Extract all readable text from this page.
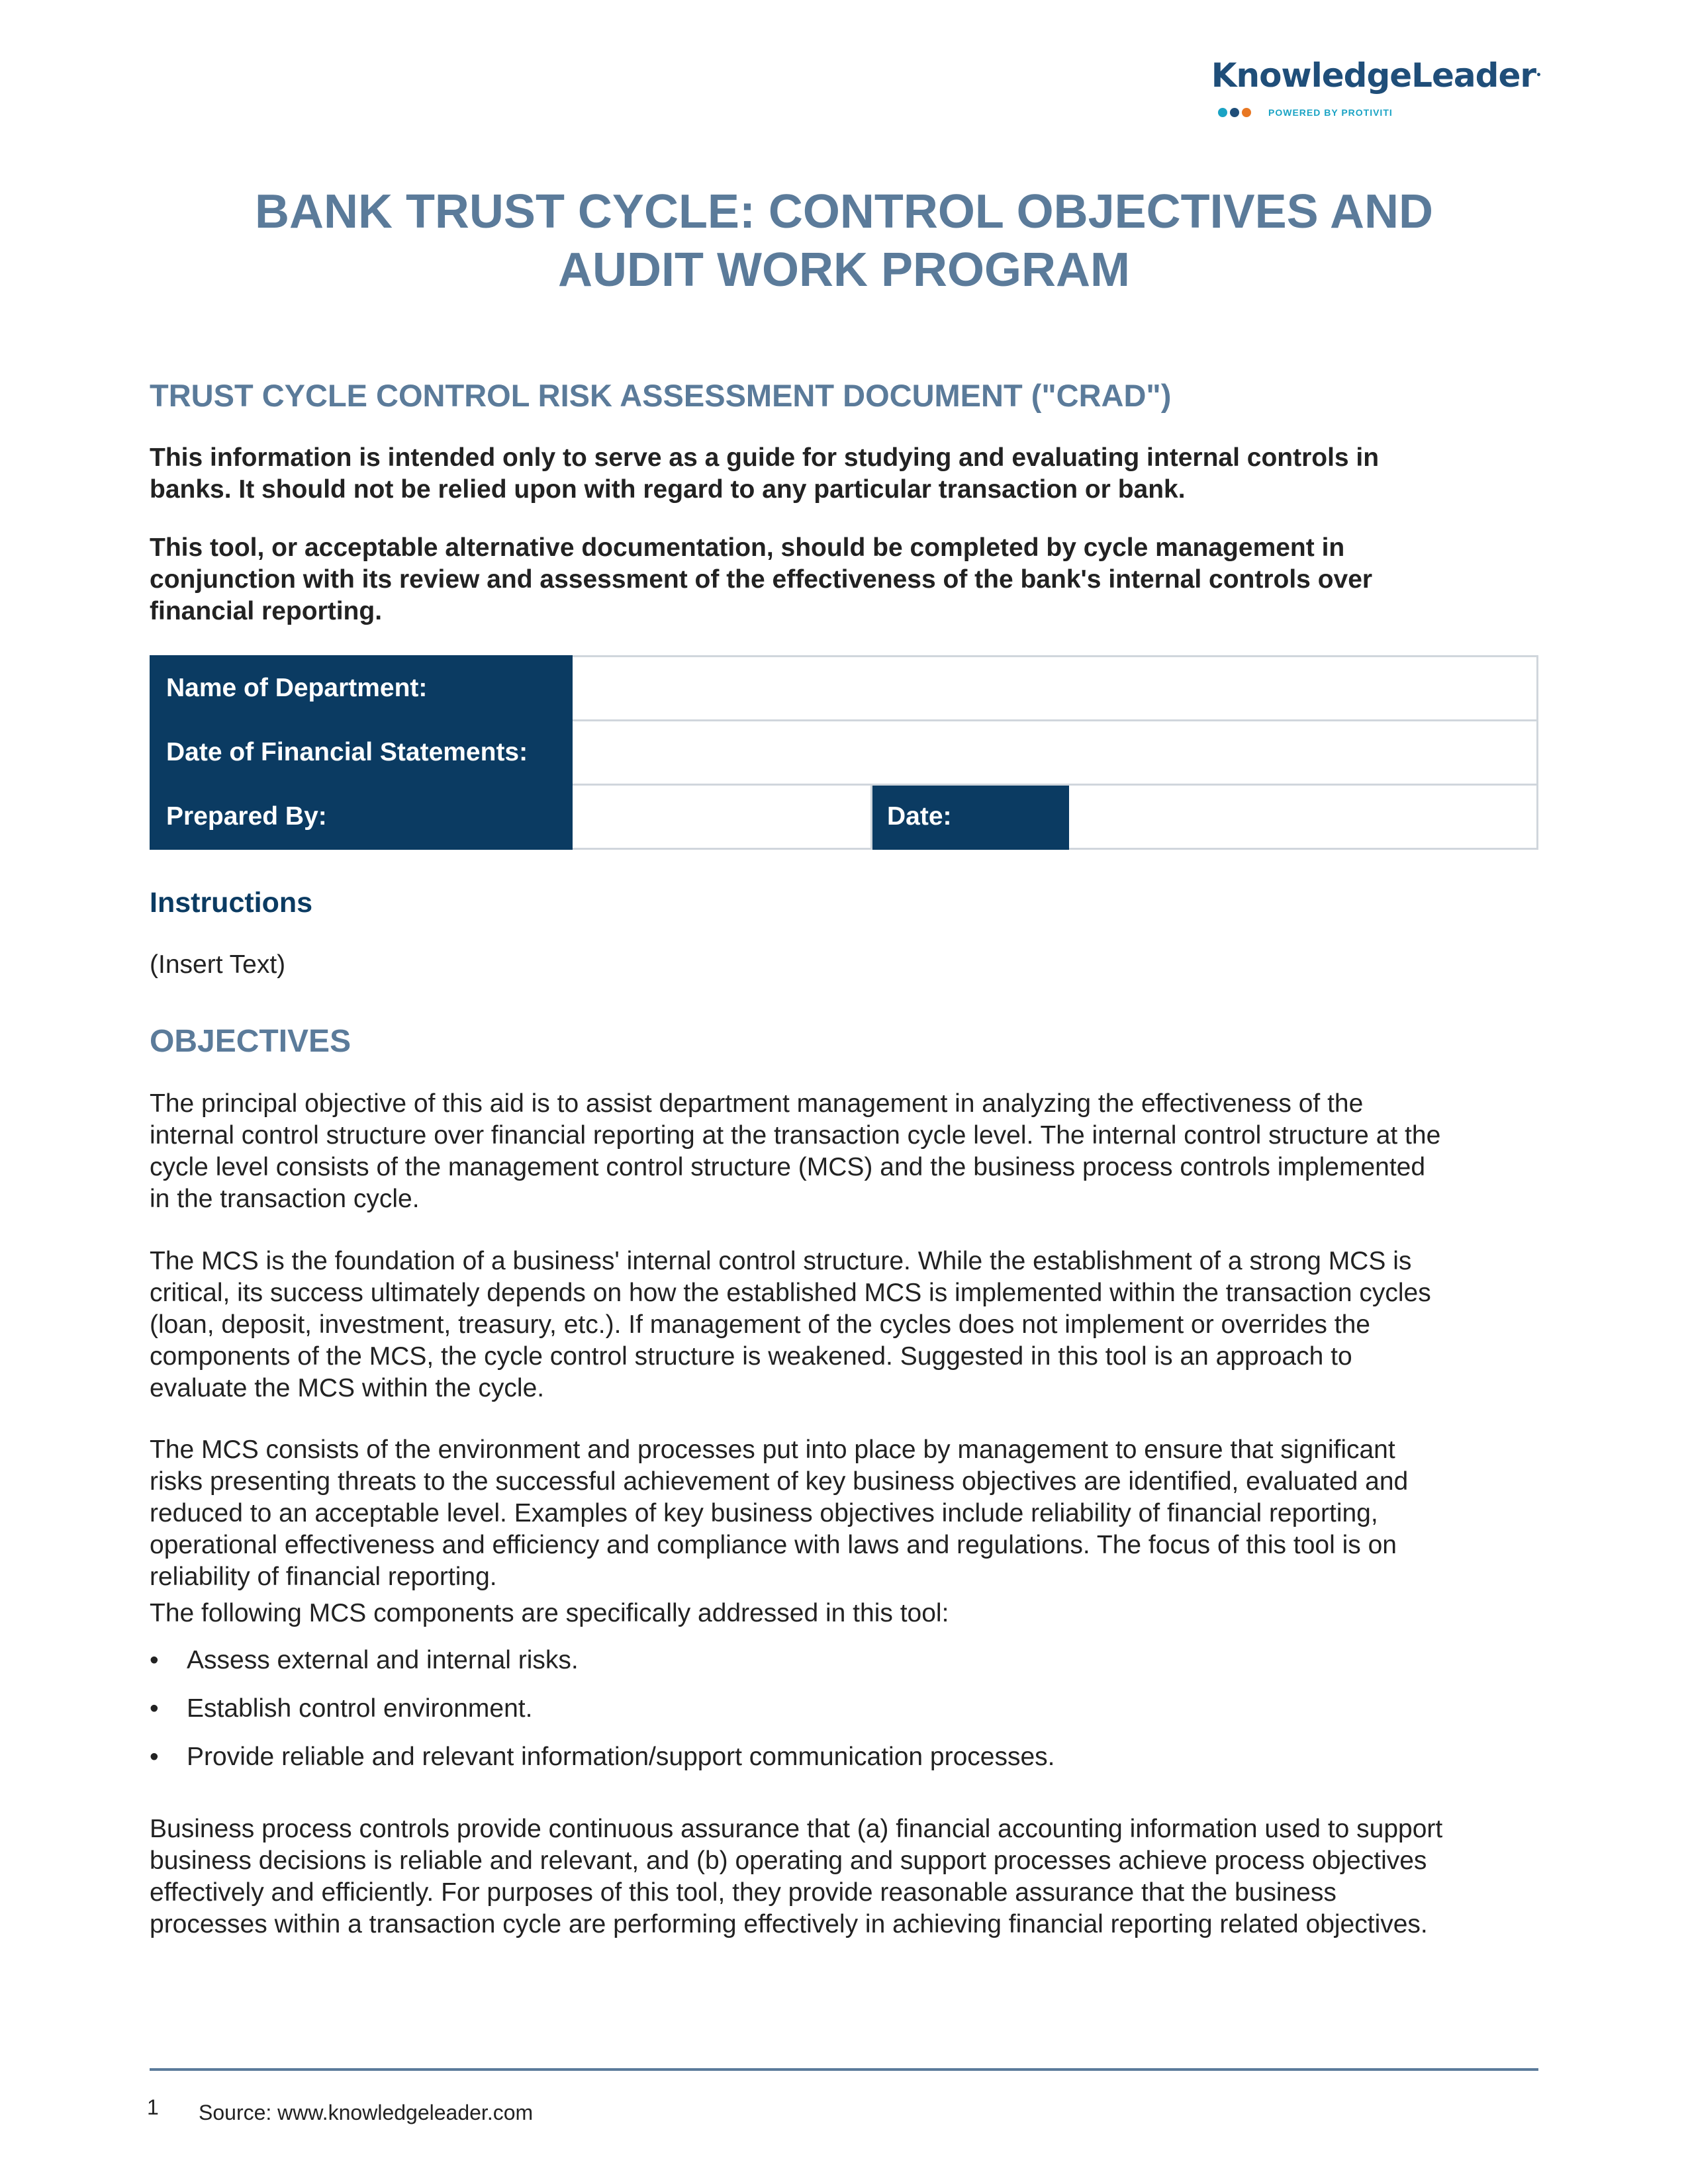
KnowledgeLeader•
POWERED BY PROTIVITI
BANK TRUST CYCLE: CONTROL OBJECTIVES AND
AUDIT WORK PROGRAM
TRUST CYCLE CONTROL RISK ASSESSMENT DOCUMENT ("CRAD")

This information is intended only to serve as a guide for studying and evaluating internal controls in
banks. It should not be relied upon with regard to any particular transaction or bank.

This tool, or acceptable alternative documentation, should be completed by cycle management in
conjunction with its review and assessment of the effectiveness of the bank's internal controls over
financial reporting.

Name of Department:			
Date of Financial Statements:			
Prepared By:		Date:	
Instructions

(Insert Text)

OBJECTIVES

The principal objective of this aid is to assist department management in analyzing the effectiveness of the
internal control structure over financial reporting at the transaction cycle level. The internal control structure at the
cycle level consists of the management control structure (MCS) and the business process controls implemented
in the transaction cycle.

The MCS is the foundation of a business' internal control structure. While the establishment of a strong MCS is
critical, its success ultimately depends on how the established MCS is implemented within the transaction cycles
(loan, deposit, investment, treasury, etc.). If management of the cycles does not implement or overrides the
components of the MCS, the cycle control structure is weakened. Suggested in this tool is an approach to
evaluate the MCS within the cycle.

The MCS consists of the environment and processes put into place by management to ensure that significant
risks presenting threats to the successful achievement of key business objectives are identified, evaluated and
reduced to an acceptable level. Examples of key business objectives include reliability of financial reporting,
operational effectiveness and efficiency and compliance with laws and regulations. The focus of this tool is on
reliability of financial reporting.

The following MCS components are specifically addressed in this tool:

• Assess external and internal risks.
• Establish control environment.
• Provide reliable and relevant information/support communication processes.

Business process controls provide continuous assurance that (a) financial accounting information used to support
business decisions is reliable and relevant, and (b) operating and support processes achieve process objectives
effectively and efficiently. For purposes of this tool, they provide reasonable assurance that the business
processes within a transaction cycle are performing effectively in achieving financial reporting related objectives.

1 Source: www.knowledgeleader.com
